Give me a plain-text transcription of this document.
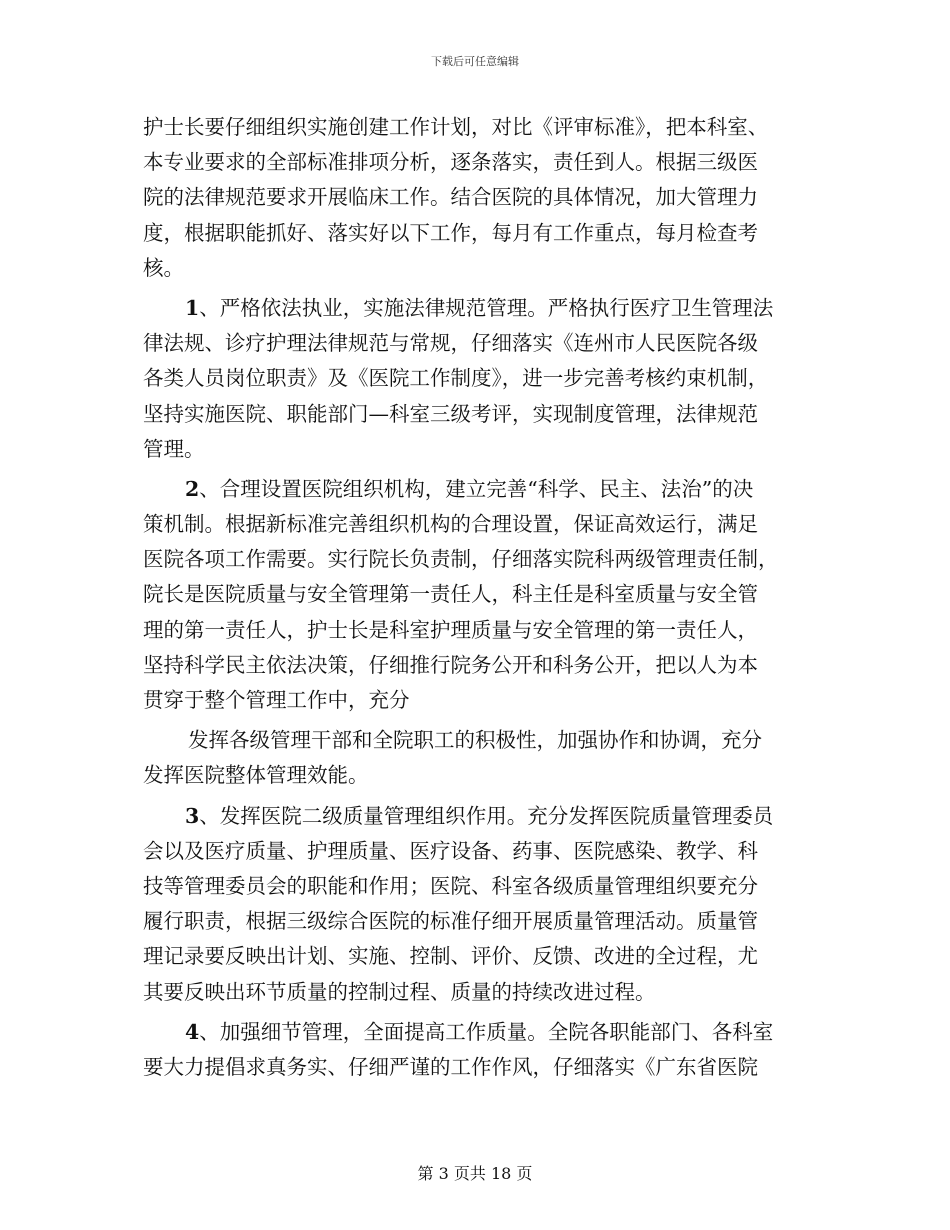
下载后可任意编辑
护士长要仔细组织实施创建工作计划，对比《评审标准》，把本科室、
本专业要求的全部标准排项分析，逐条落实，责任到人。根据三级医
院的法律规范要求开展临床工作。结合医院的具体情况，加大管理力
度，根据职能抓好、落实好以下工作，每月有工作重点，每月检查考
核。
1、严格依法执业，实施法律规范管理。严格执行医疗卫生管理法
律法规、诊疗护理法律规范与常规，仔细落实《连州市人民医院各级
各类人员岗位职责》及《医院工作制度》，进一步完善考核约束机制，
坚持实施医院、职能部门—科室三级考评，实现制度管理，法律规范
管理。
2、合理设置医院组织机构，建立完善“科学、民主、法治”的决
策机制。根据新标准完善组织机构的合理设置，保证高效运行，满足
医院各项工作需要。实行院长负责制，仔细落实院科两级管理责任制，
院长是医院质量与安全管理第一责任人，科主任是科室质量与安全管
理的第一责任人，护士长是科室护理质量与安全管理的第一责任人，
坚持科学民主依法决策，仔细推行院务公开和科务公开，把以人为本
贯穿于整个管理工作中，充分
发挥各级管理干部和全院职工的积极性，加强协作和协调，充分
发挥医院整体管理效能。
3、发挥医院二级质量管理组织作用。充分发挥医院质量管理委员
会以及医疗质量、护理质量、医疗设备、药事、医院感染、教学、科
技等管理委员会的职能和作用；医院、科室各级质量管理组织要充分
履行职责，根据三级综合医院的标准仔细开展质量管理活动。质量管
理记录要反映出计划、实施、控制、评价、反馈、改进的全过程，尤
其要反映出环节质量的控制过程、质量的持续改进过程。
4、加强细节管理，全面提高工作质量。全院各职能部门、各科室
要大力提倡求真务实、仔细严谨的工作作风，仔细落实《广东省医院
第 3 页共 18 页
